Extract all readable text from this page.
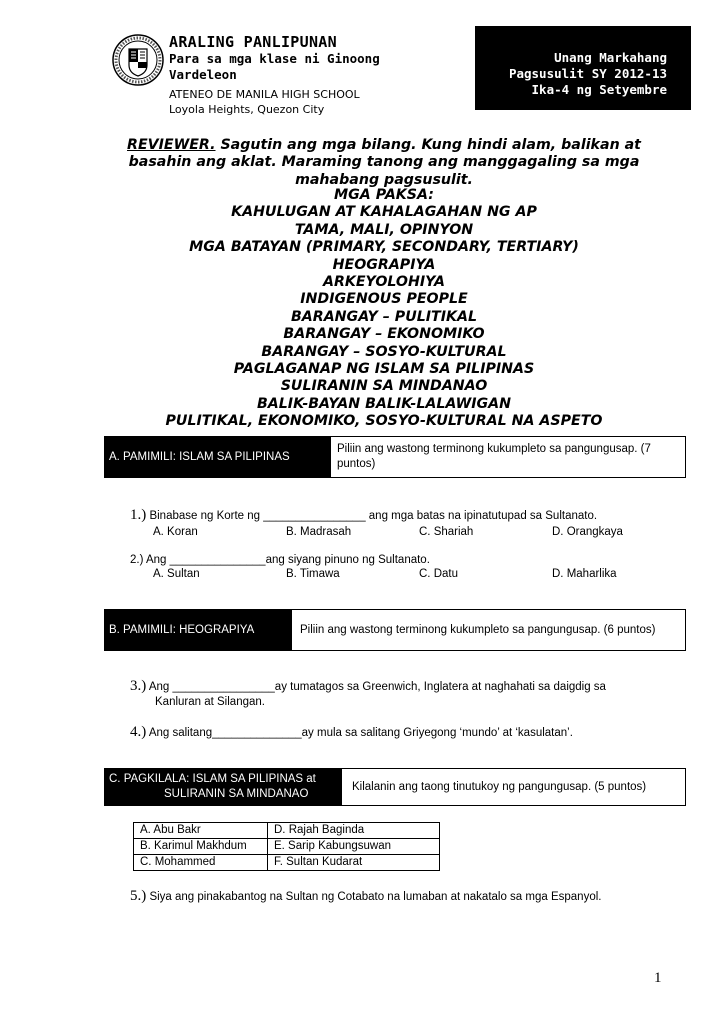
ARALING PANLIPUNAN
Para sa mga klase ni Ginoong Vardeleon
ATENEO DE MANILA HIGH SCHOOL
Loyola Heights, Quezon City
Unang Markahang
Pagsusulit SY 2012-13
Ika-4 ng Setyembre
REVIEWER. Sagutin ang mga bilang. Kung hindi alam, balikan at basahin ang aklat. Maraming tanong ang manggagaling sa mga mahabang pagsusulit.
MGA PAKSA:
KAHULUGAN AT KAHALAGAHAN NG AP
TAMA, MALI, OPINYON
MGA BATAYAN (PRIMARY, SECONDARY, TERTIARY)
HEOGRAPIYA
ARKEYOLOHIYA
INDIGENOUS PEOPLE
BARANGAY – PULITIKAL
BARANGAY – EKONOMIKO
BARANGAY – SOSYO-KULTURAL
PAGLAGANAP NG ISLAM SA PILIPINAS
SULIRANIN SA MINDANAO
BALIK-BAYAN BALIK-LALAWIGAN
PULITIKAL, EKONOMIKO, SOSYO-KULTURAL NA ASPETO
A. PAMIMILI: ISLAM SA PILIPINAS
Piliin ang wastong terminong kukumpleto sa pangungusap. (7 puntos)
1.) Binabase ng Korte ng ________________ ang mga batas na ipinatutupad sa Sultanato.
A. Koran	B. Madrasah	C. Shariah	D. Orangkaya
2.) Ang _______________ang siyang pinuno ng Sultanato.
A. Sultan	B. Timawa	C. Datu	D. Maharlika
B. PAMIMILI: HEOGRAPIYA	Piliin ang wastong terminong kukumpleto sa pangungusap. (6 puntos)
3.) Ang ________________ay tumatagos sa Greenwich, Inglatera at naghahati sa daigdig sa Kanluran at Silangan.
4.) Ang salitang______________ay mula sa salitang Griyegong ‘mundo’ at ‘kasulatan’.
C. PAGKILALA: ISLAM SA PILIPINAS at
SULIRANIN SA MINDANAO
Kilalanin ang taong tinutukoy ng pangungusap. (5 puntos)
A. Abu Bakr	D. Rajah Baginda
B. Karimul Makhdum	E. Sarip Kabungsuwan
C. Mohammed	F. Sultan Kudarat
5.) Siya ang pinakabantog na Sultan ng Cotabato na lumaban at nakatalo sa mga Espanyol.
1
